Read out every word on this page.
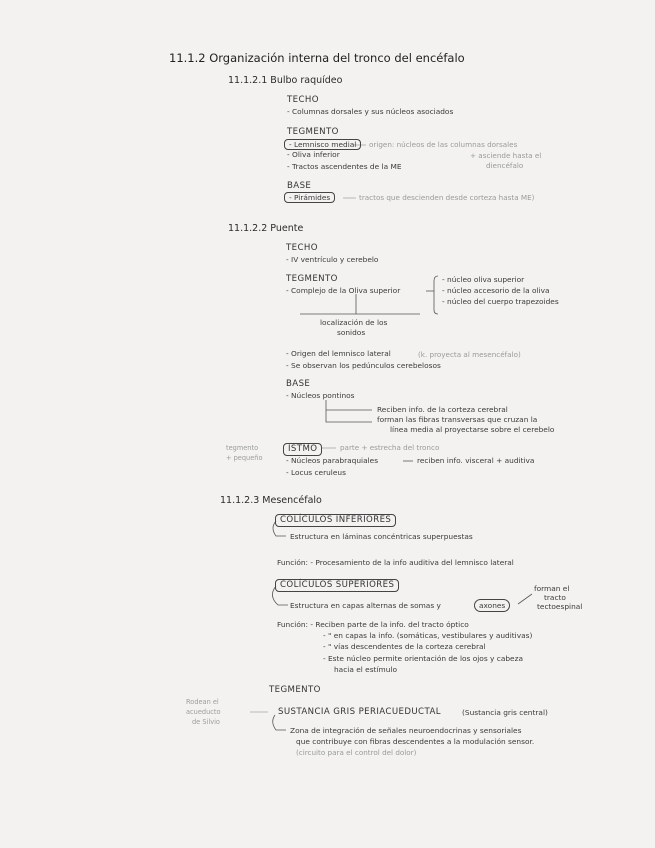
11.1.2 Organización interna del tronco del encéfalo
11.1.2.1 Bulbo raquídeo
TECHO
- Columnas dorsales y sus núcleos asociados
TEGMENTO
- Lemnisco medial	origen: núcleos de las columnas dorsales
- Oliva inferior	+ asciende hasta el
diencéfalo
- Tractos ascendentes de la ME
BASE
- Pirámides	tractos que descienden desde corteza hasta ME)
11.1.2.2 Puente
TECHO
- IV ventrículo y cerebelo
TEGMENTO
- Complejo de la Oliva superior
- núcleo oliva superior
- núcleo accesorio de la oliva
- núcleo del cuerpo trapezoides
localización de los
sonidos
- Origen del lemnisco lateral	(k. proyecta al mesencéfalo)
- Se observan los pedúnculos cerebelosos
BASE
- Núcleos pontinos
Reciben info. de la corteza cerebral
forman las fibras transversas que cruzan la
línea media al proyectarse sobre el cerebelo
tegmento
+ pequeño
ISTMO	parte + estrecha del tronco
- Núcleos parabraquiales	reciben info. visceral + auditiva
- Locus ceruleus
11.1.2.3 Mesencéfalo
COLÍCULOS INFERIORES
Estructura en láminas concéntricas superpuestas
Función: - Procesamiento de la info auditiva del lemnisco lateral
COLÍCULOS SUPERIORES
Estructura en capas alternas de somas y	axones
forman el
tracto
tectoespinal
Función: - Reciben parte de la info. del tracto óptico
- " en capas la info. (somáticas, vestibulares y auditivas)
- " vías descendentes de la corteza cerebral
- Este núcleo permite orientación de los ojos y cabeza
hacia el estímulo
TEGMENTO
Rodean el
acueducto
de Silvio
SUSTANCIA GRIS PERIACUEDUCTAL	(Sustancia gris central)
Zona de integración de señales neuroendocrinas y sensoriales
que contribuye con fibras descendentes a la modulación sensor.
(circuito para el control del dolor)
